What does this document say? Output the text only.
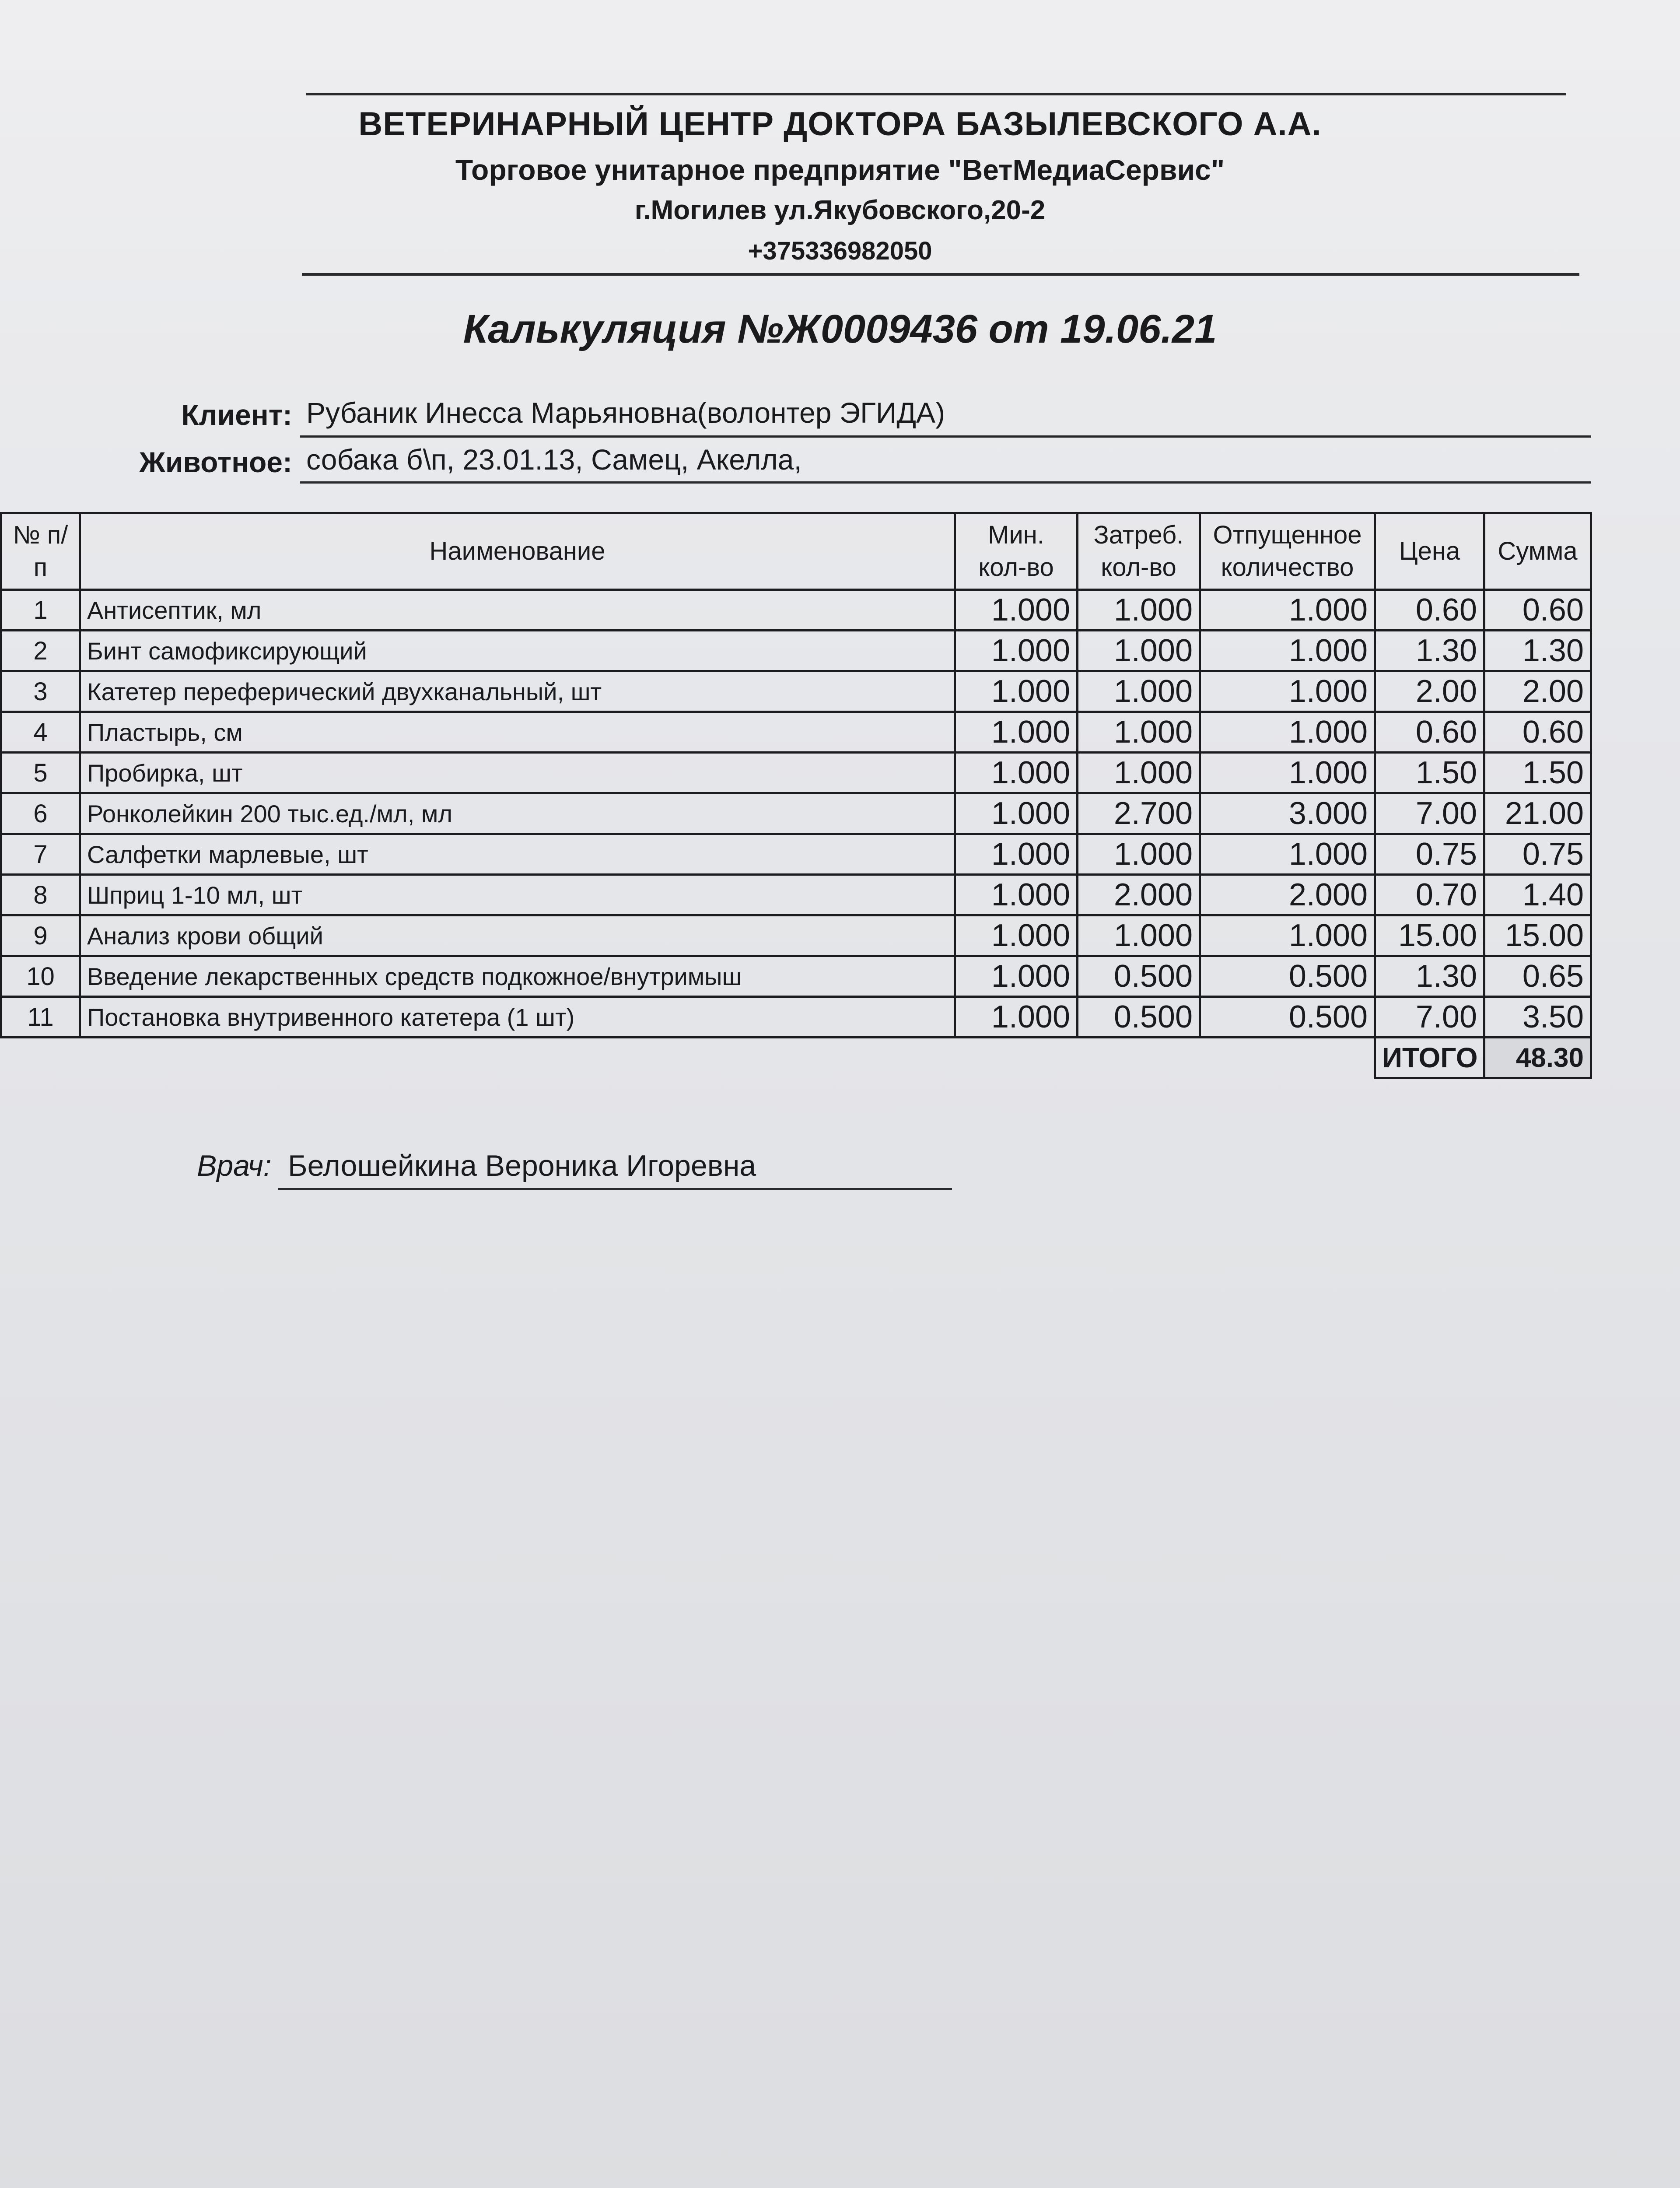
ВЕТЕРИНАРНЫЙ ЦЕНТР ДОКТОРА БАЗЫЛЕВСКОГО А.А.
Торговое унитарное предприятие "ВетМедиаСервис"
г.Могилев ул.Якубовского,20-2
+375336982050
Калькуляция №Ж0009436 от 19.06.21
Клиент: Рубаник Инесса Марьяновна(волонтер ЭГИДА)
Животное: собака б\п, 23.01.13, Самец, Акелла,
№ п/п	Наименование	Мин. кол-во	Затреб. кол-во	Отпущенное количество	Цена	Сумма
1	Антисептик, мл	1.000	1.000	1.000	0.60	0.60
2	Бинт самофиксирующий	1.000	1.000	1.000	1.30	1.30
3	Катетер переферический двухканальный, шт	1.000	1.000	1.000	2.00	2.00
4	Пластырь, см	1.000	1.000	1.000	0.60	0.60
5	Пробирка, шт	1.000	1.000	1.000	1.50	1.50
6	Ронколейкин 200 тыс.ед./мл, мл	1.000	2.700	3.000	7.00	21.00
7	Салфетки марлевые, шт	1.000	1.000	1.000	0.75	0.75
8	Шприц 1-10 мл, шт	1.000	2.000	2.000	0.70	1.40
9	Анализ крови общий	1.000	1.000	1.000	15.00	15.00
10	Введение лекарственных средств подкожное/внутримыш	1.000	0.500	0.500	1.30	0.65
11	Постановка внутривенного катетера (1 шт)	1.000	0.500	0.500	7.00	3.50
					ИТОГО	48.30
Врач: Белошейкина Вероника Игоревна
